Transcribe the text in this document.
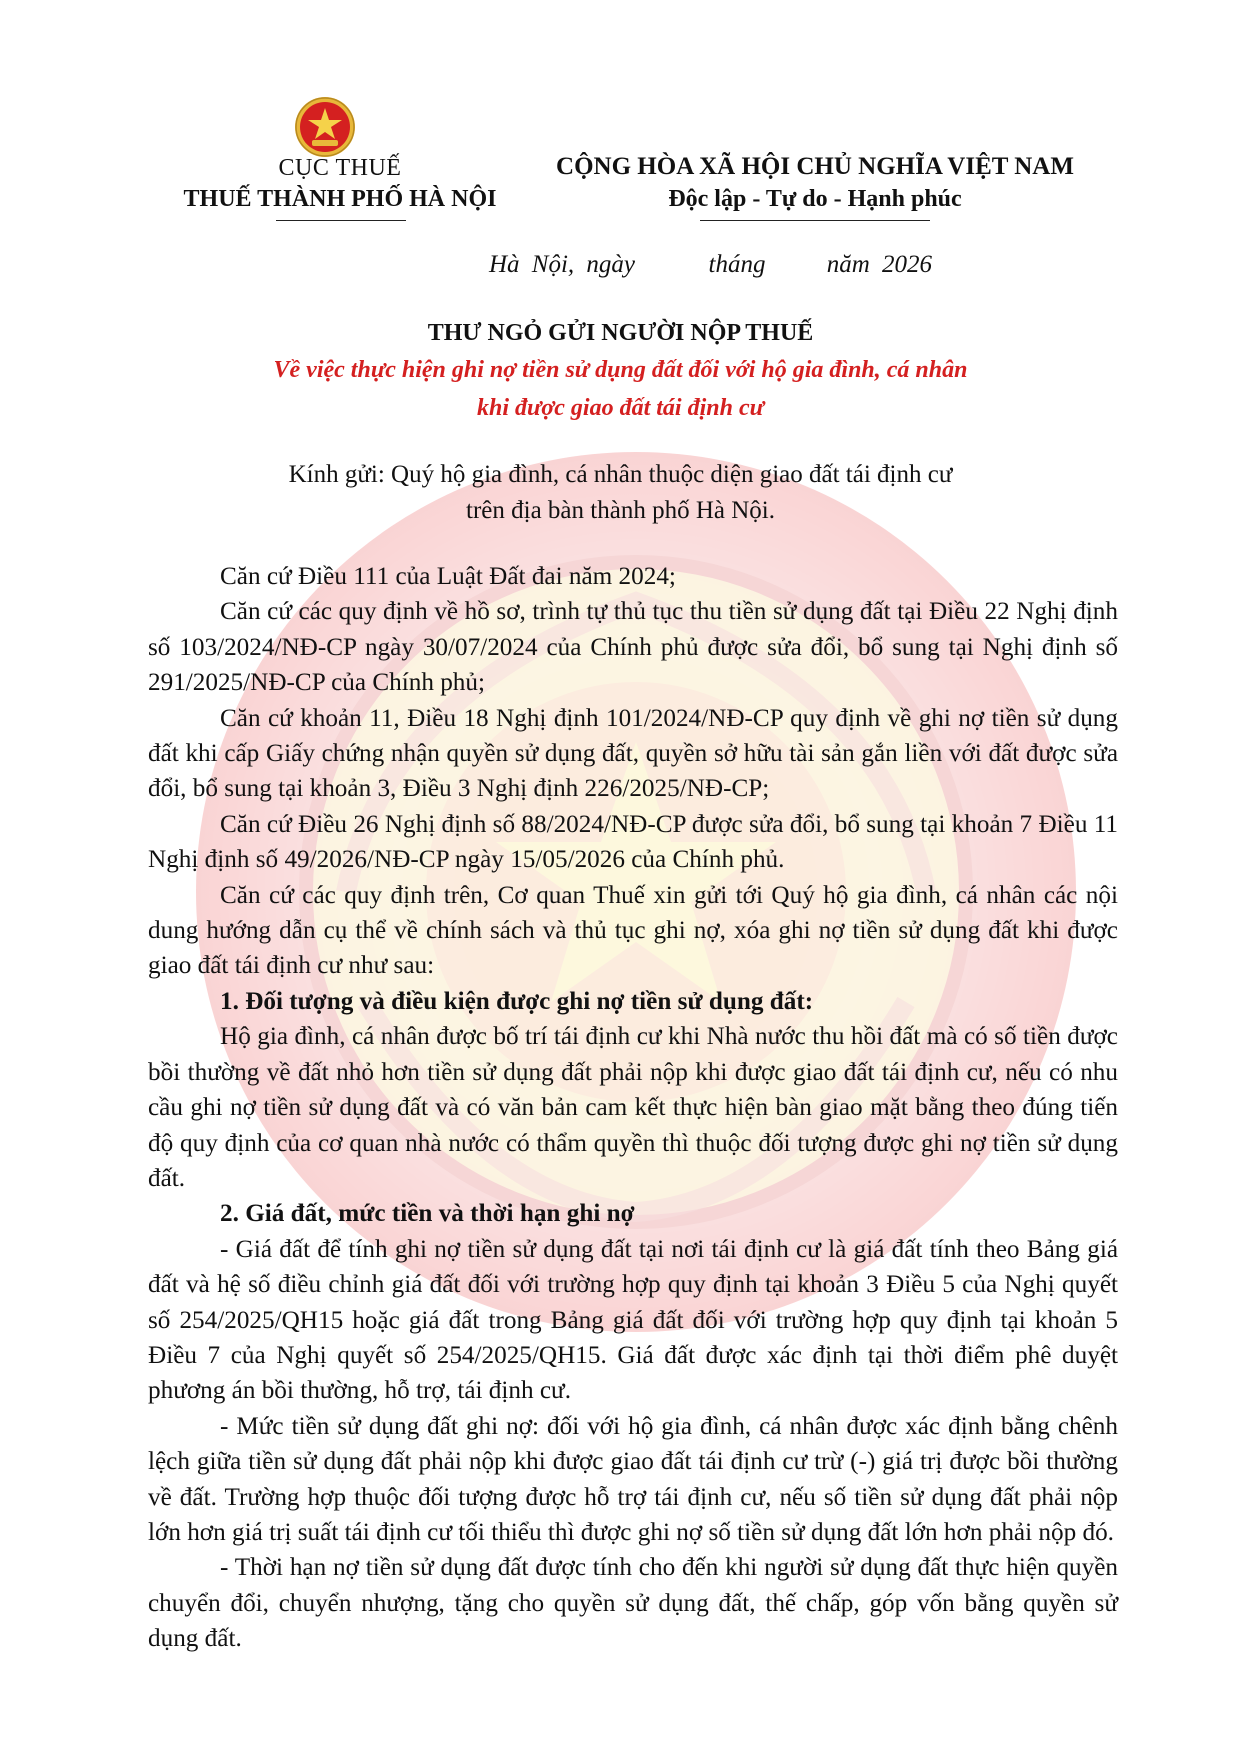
CỤC THUẾ
THUẾ THÀNH PHỐ HÀ NỘI
CỘNG HÒA XÃ HỘI CHỦ NGHĨA VIỆT NAM
Độc lập - Tự do - Hạnh phúc
Hà Nội, ngày      tháng     năm 2026
THƯ NGỎ GỬI NGƯỜI NỘP THUẾ
Về việc thực hiện ghi nợ tiền sử dụng đất đối với hộ gia đình, cá nhân
khi được giao đất tái định cư
Kính gửi: Quý hộ gia đình, cá nhân thuộc diện giao đất tái định cư
trên địa bàn thành phố Hà Nội.

Căn cứ Điều 111 của Luật Đất đai năm 2024;

Căn cứ các quy định về hồ sơ, trình tự thủ tục thu tiền sử dụng đất tại Điều 22 Nghị định số 103/2024/NĐ-CP ngày 30/07/2024 của Chính phủ được sửa đổi, bổ sung tại Nghị định số 291/2025/NĐ-CP của Chính phủ;

Căn cứ khoản 11, Điều 18 Nghị định 101/2024/NĐ-CP quy định về ghi nợ tiền sử dụng đất khi cấp Giấy chứng nhận quyền sử dụng đất, quyền sở hữu tài sản gắn liền với đất được sửa đổi, bổ sung tại khoản 3, Điều 3 Nghị định 226/2025/NĐ-CP;

Căn cứ Điều 26 Nghị định số 88/2024/NĐ-CP được sửa đổi, bổ sung tại khoản 7 Điều 11 Nghị định số 49/2026/NĐ-CP ngày 15/05/2026 của Chính phủ.

Căn cứ các quy định trên, Cơ quan Thuế xin gửi tới Quý hộ gia đình, cá nhân các nội dung hướng dẫn cụ thể về chính sách và thủ tục ghi nợ, xóa ghi nợ tiền sử dụng đất khi được giao đất tái định cư như sau:

1. Đối tượng và điều kiện được ghi nợ tiền sử dụng đất:

Hộ gia đình, cá nhân được bố trí tái định cư khi Nhà nước thu hồi đất mà có số tiền được bồi thường về đất nhỏ hơn tiền sử dụng đất phải nộp khi được giao đất tái định cư, nếu có nhu cầu ghi nợ tiền sử dụng đất và có văn bản cam kết thực hiện bàn giao mặt bằng theo đúng tiến độ quy định của cơ quan nhà nước có thẩm quyền thì thuộc đối tượng được ghi nợ tiền sử dụng đất.

2. Giá đất, mức tiền và thời hạn ghi nợ

- Giá đất để tính ghi nợ tiền sử dụng đất tại nơi tái định cư là giá đất tính theo Bảng giá đất và hệ số điều chỉnh giá đất đối với trường hợp quy định tại khoản 3 Điều 5 của Nghị quyết số 254/2025/QH15 hoặc giá đất trong Bảng giá đất đối với trường hợp quy định tại khoản 5 Điều 7 của Nghị quyết số 254/2025/QH15. Giá đất được xác định tại thời điểm phê duyệt phương án bồi thường, hỗ trợ, tái định cư.

- Mức tiền sử dụng đất ghi nợ: đối với hộ gia đình, cá nhân được xác định bằng chênh lệch giữa tiền sử dụng đất phải nộp khi được giao đất tái định cư trừ (-) giá trị được bồi thường về đất. Trường hợp thuộc đối tượng được hỗ trợ tái định cư, nếu số tiền sử dụng đất phải nộp lớn hơn giá trị suất tái định cư tối thiểu thì được ghi nợ số tiền sử dụng đất lớn hơn phải nộp đó.

- Thời hạn nợ tiền sử dụng đất được tính cho đến khi người sử dụng đất thực hiện quyền chuyển đổi, chuyển nhượng, tặng cho quyền sử dụng đất, thế chấp, góp vốn bằng quyền sử dụng đất.
